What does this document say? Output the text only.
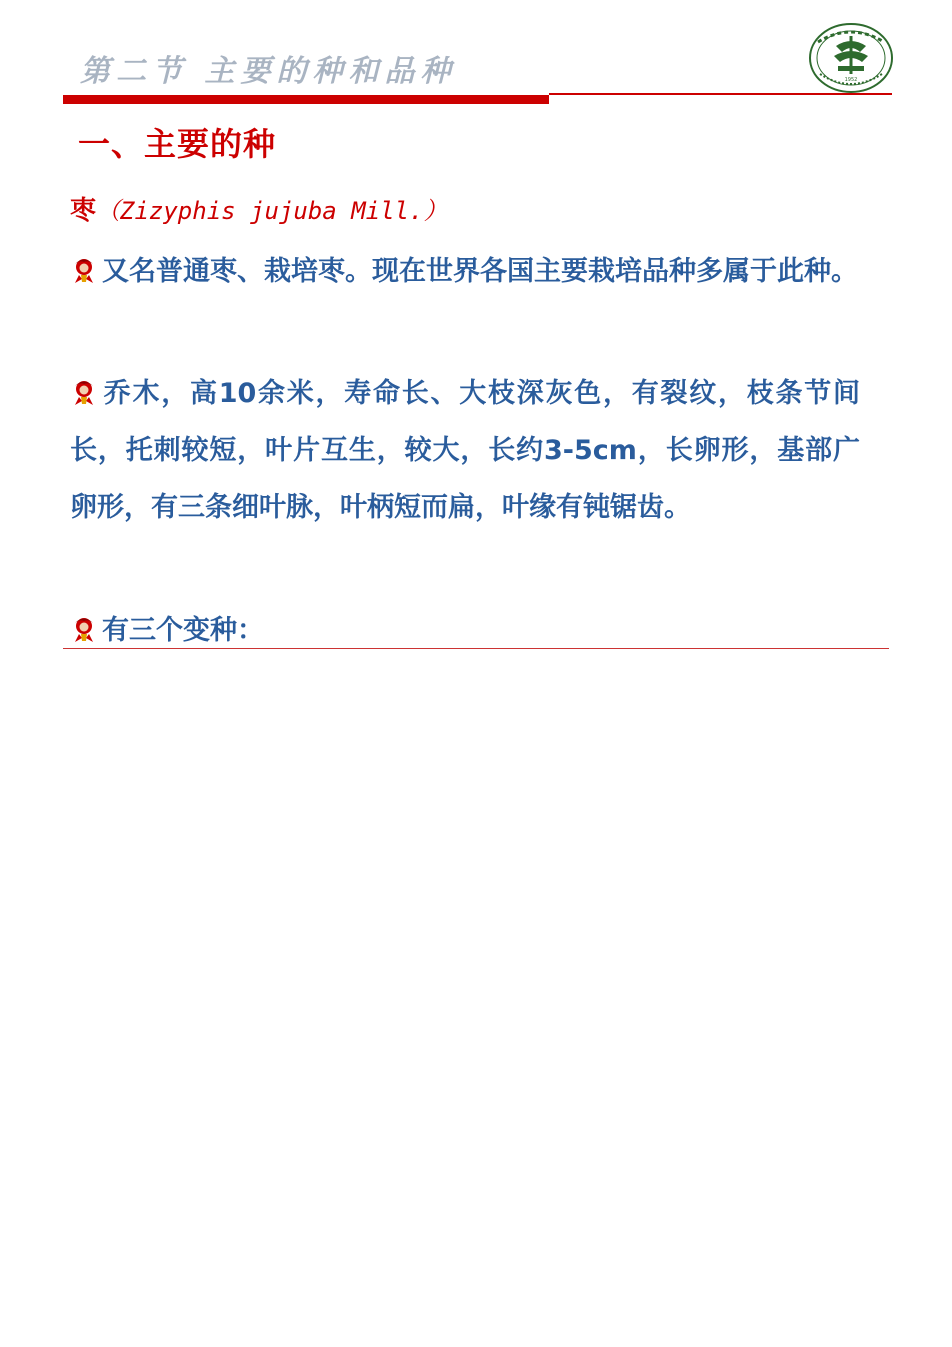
第二节 主要的种和品种	1952
一、主要的种
枣（Zizyphis jujuba Mill.）
又名普通枣、栽培枣。现在世界各国主要栽培品种多属于此种。
乔木，高10余米，寿命长、大枝深灰色，有裂纹，枝条节间长，托刺较短，叶片互生，较大，长约3-5cm，长卵形，基部广卵形，有三条细叶脉，叶柄短而扁，叶缘有钝锯齿。
有三个变种：
